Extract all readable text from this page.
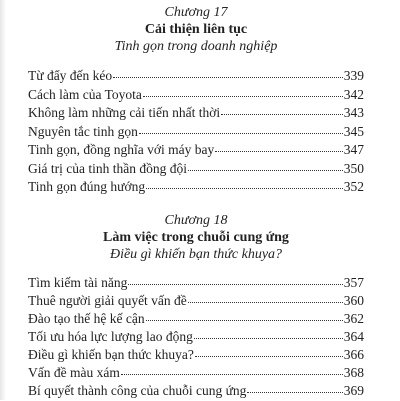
Chương 17
Cải thiện liên tục
Tinh gọn trong doanh nghiệp
Từ đẩy đến kéo	339
Cách làm của Toyota	342
Không làm những cải tiến nhất thời	343
Nguyên tắc tinh gọn	345
Tinh gọn, đồng nghĩa với máy bay	347
Giá trị của tinh thần đồng đội	350
Tinh gọn đúng hướng	352
Chương 18
Làm việc trong chuỗi cung ứng
Điều gì khiến bạn thức khuya?
Tìm kiếm tài năng	357
Thuê người giải quyết vấn đề	360
Đào tạo thế hệ kế cận	362
Tối ưu hóa lực lượng lao động	364
Điều gì khiến bạn thức khuya?	366
Vấn đề màu xám	368
Bí quyết thành công của chuỗi cung ứng	369
